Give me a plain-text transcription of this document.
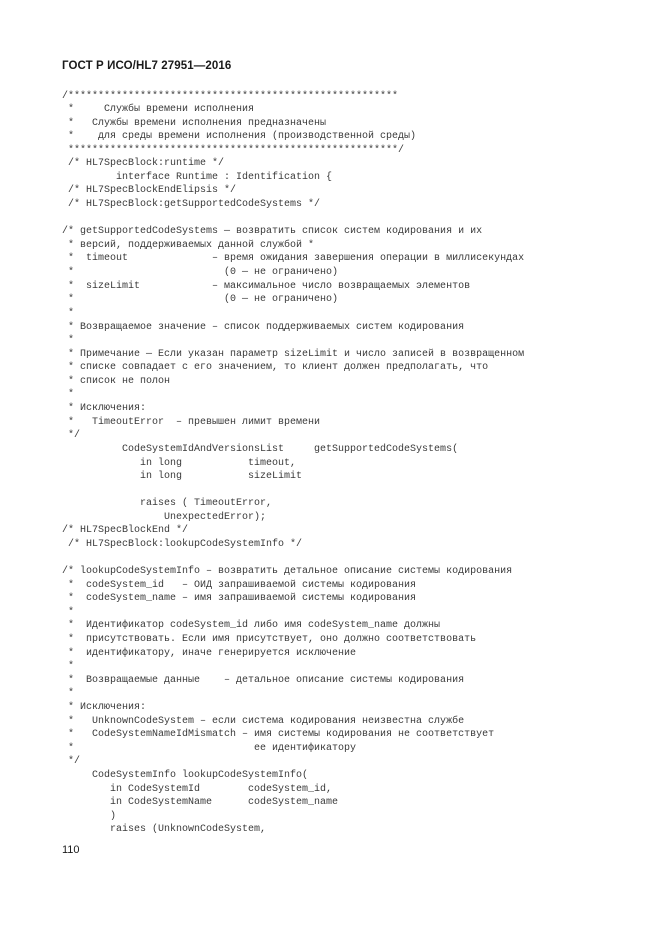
ГОСТ Р ИСО/HL7 27951—2016
/*******************************************************
*     Службы времени исполнения
*   Службы времени исполнения предназначены
*    для среды времени исполнения (производственной среды)
*******************************************************/
/* HL7SpecBlock:runtime */
interface Runtime : Identification {
/* HL7SpecBlockEndElipsis */
/* HL7SpecBlock:getSupportedCodeSystems */
/* getSupportedCodeSystems — возвратить список систем кодирования и их
* версий, поддерживаемых данной службой *
*  timeout              – время ожидания завершения операции в миллисекундах
*                         (0 — не ограничено)
*  sizeLimit            – максимальное число возвращаемых элементов
*                         (0 — не ограничено)
*
* Возвращаемое значение – список поддерживаемых систем кодирования
*
* Примечание — Если указан параметр sizeLimit и число записей в возвращенном
* списке совпадает с его значением, то клиент должен предполагать, что
* список не полон
*
* Исключения:
*   TimeoutError  – превышен лимит времени
*/
CodeSystemIdAndVersionsList     getSupportedCodeSystems(
in long           timeout,
in long           sizeLimit
raises ( TimeoutError,
UnexpectedError);
/* HL7SpecBlockEnd */
/* HL7SpecBlock:lookupCodeSystemInfo */
/* lookupCodeSystemInfo – возвратить детальное описание системы кодирования
*  codeSystem_id   – ОИД запрашиваемой системы кодирования
*  codeSystem_name – имя запрашиваемой системы кодирования
*
*  Идентификатор codeSystem_id либо имя codeSystem_name должны
*  присутствовать. Если имя присутствует, оно должно соответствовать
*  идентификатору, иначе генерируется исключение
*
*  Возвращаемые данные    – детальное описание системы кодирования
*
* Исключения:
*   UnknownCodeSystem – если система кодирования неизвестна службе
*   CodeSystemNameIdMismatch – имя системы кодирования не соответствует
*                              ее идентификатору
*/
CodeSystemInfo lookupCodeSystemInfo(
in CodeSystemId        codeSystem_id,
in CodeSystemName      codeSystem_name
)
raises (UnknownCodeSystem,
110
